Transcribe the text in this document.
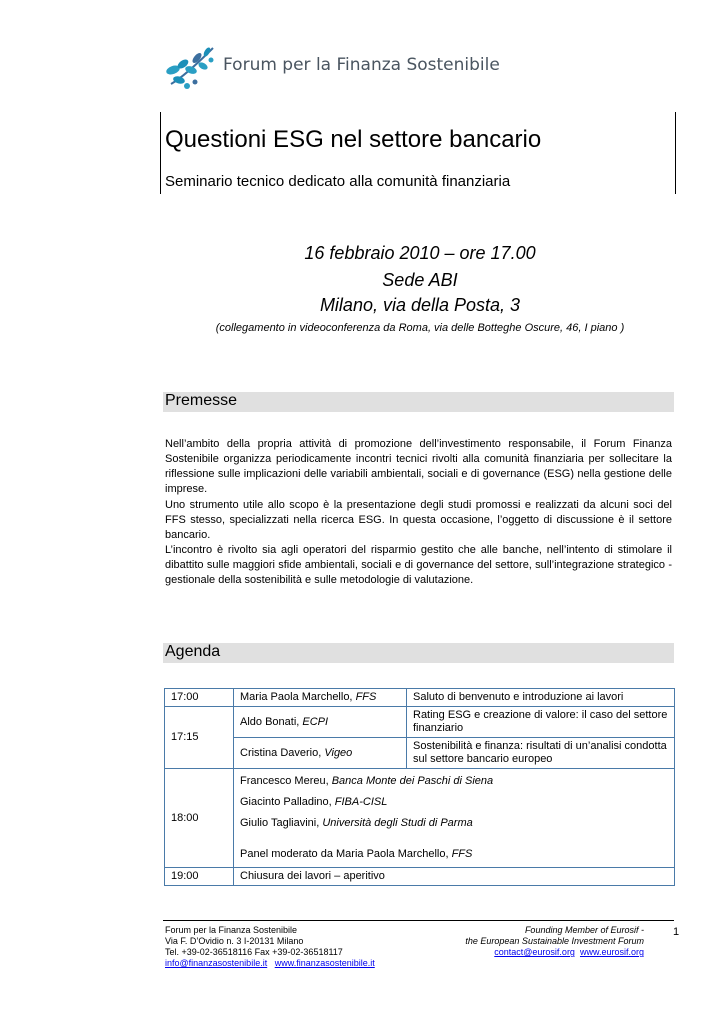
Forum per la Finanza Sostenibile
Questioni ESG nel settore bancario
Seminario tecnico dedicato alla comunità finanziaria
16 febbraio 2010 – ore 17.00
Sede ABI
Milano, via della Posta, 3
(collegamento in videoconferenza da Roma, via delle Botteghe Oscure, 46, I piano )
Premesse
Nell’ambito della propria attività di promozione dell’investimento responsabile, il Forum Finanza Sostenibile organizza periodicamente incontri tecnici rivolti alla comunità finanziaria per sollecitare la riflessione sulle implicazioni delle variabili ambientali, sociali e di governance (ESG) nella gestione delle imprese.
Uno strumento utile allo scopo è la presentazione degli studi promossi e realizzati da alcuni soci del FFS stesso, specializzati nella ricerca ESG. In questa occasione, l’oggetto di discussione è il settore bancario.
L’incontro è rivolto sia agli operatori del risparmio gestito che alle banche, nell’intento di stimolare il dibattito sulle maggiori sfide ambientali, sociali e di governance del settore, sull’integrazione strategico - gestionale della sostenibilità e sulle metodologie di valutazione.
Agenda
17:00	Maria Paola Marchello, FFS	Saluto di benvenuto e introduzione ai lavori
17:15	Aldo Bonati, ECPI	Rating ESG e creazione di valore: il caso del settore finanziario
	Cristina Daverio, Vigeo	Sostenibilità e finanza: risultati di un’analisi condotta sul settore bancario europeo
18:00	Francesco Mereu, Banca Monte dei Paschi di Siena
Giacinto Palladino, FIBA-CISL
Giulio Tagliavini, Università degli Studi di Parma
Panel moderato da Maria Paola Marchello, FFS	

19:00	Chiusura dei lavori – aperitivo	
Forum per la Finanza Sostenibile
Via F. D’Ovidio n. 3 I-20131 Milano
Tel. +39-02-36518116 Fax +39-02-36518117
info@finanzasostenibile.it www.finanzasostenibile.it
Founding Member of Eurosif -
the European Sustainable Investment Forum
contact@eurosif.org www.eurosif.org
1
